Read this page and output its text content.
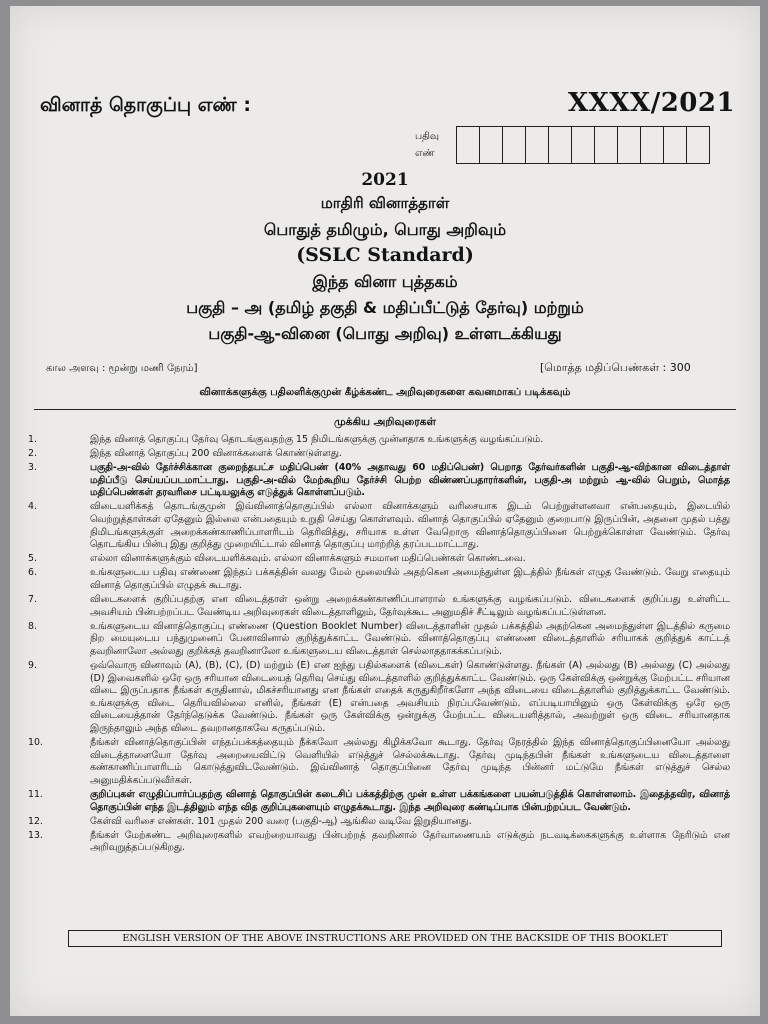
வினாத் தொகுப்பு எண் :	XXXX/2021
பதிவு
எண்
2021
மாதிரி வினாத்தாள்
பொதுத் தமிழும், பொது அறிவும்
(SSLC Standard)
இந்த வினா புத்தகம்
பகுதி – அ (தமிழ் தகுதி & மதிப்பீட்டுத் தேர்வு) மற்றும்
பகுதி-ஆ-வினை (பொது அறிவு) உள்ளடக்கியது
கால அளவு : மூன்று மணி நேரம்]	[மொத்த மதிப்பெண்கள் : 300
வினாக்களுக்கு பதிலளிக்குமுன் கீழ்க்கண்ட அறிவுரைகளை கவனமாகப் படிக்கவும்
முக்கிய அறிவுரைகள்
1.	இந்த வினாத் தொகுப்பு தேர்வு தொடங்குவதற்கு 15 நிமிடங்களுக்கு முன்னதாக உங்களுக்கு வழங்கப்படும்.
2.	இந்த வினாத் தொகுப்பு 200 வினாக்களைக் கொண்டுள்ளது.
3.	பகுதி-அ-வில் தேர்ச்சிக்கான குறைந்தபட்ச மதிப்பெண் (40% அதாவது 60 மதிப்பெண்) பெறாத தேர்வர்களின் பகுதி-ஆ-விற்கான விடைத்தாள் மதிப்பீடு செய்யப்படமாட்டாது. பகுதி-அ-வில் மேற்கூறிய தேர்ச்சி பெற்ற விண்ணப்பதாரர்களின், பகுதி-அ மற்றும் ஆ-வில் பெறும், மொத்த மதிப்பெண்கள் தரவரிசை பட்டியலுக்கு எடுத்துக் கொள்ளப்படும்.
4.	விடையளிக்கத் தொடங்குமுன் இவ்வினாத்தொகுப்பில் எல்லா வினாக்களும் வரிசையாக இடம் பெற்றுள்ளனவா என்பதையும், இடையில் வெற்றுத்தாள்கள் ஏதேனும் இல்லை என்பதையும் உறுதி செய்து கொள்ளவும். வினாத் தொகுப்பில் ஏதேனும் குறைபாடு இருப்பின், அதனை முதல் பத்து நிமிடங்களுக்குள் அறைக்கண்காணிப்பாளரிடம் தெரிவித்து, சரியாக உள்ள வேறொரு வினாத்தொகுப்பினை பெற்றுக்கொள்ள வேண்டும். தேர்வு தொடங்கிய பின்பு இது குறித்து முறையிட்டால் வினாத் தொகுப்பு மாற்றித் தரப்படமாட்டாது.
5.	எல்லா வினாக்களுக்கும் விடையளிக்கவும். எல்லா வினாக்களும் சமமான மதிப்பெண்கள் கொண்டவை.
6.	உங்களுடைய பதிவு எண்ணை இந்தப் பக்கத்தின் வலது மேல் மூலையில் அதற்கென அமைந்துள்ள இடத்தில் நீங்கள் எழுத வேண்டும். வேறு எதையும் வினாத் தொகுப்பில் எழுதக் கூடாது.
7.	விடைகளைக் குறிப்பதற்கு என விடைத்தாள் ஒன்று அறைக்கண்காணிப்பாளரால் உங்களுக்கு வழங்கப்படும். விடைகளைக் குறிப்பது உள்ளிட்ட அவசியம் பின்பற்றப்பட வேண்டிய அறிவுரைகள் விடைத்தாளிலும், தேர்வுக்கூட அனுமதிச் சீட்டிலும் வழங்கப்பட்டுள்ளன.
8.	உங்களுடைய வினாத்தொகுப்பு எண்ணை (Question Booklet Number) விடைத்தாளின் முதல் பக்கத்தில் அதற்கென அமைந்துள்ள இடத்தில் கருமை நிற மையுடைய பந்துமுனைப் பேனாவினால் குறித்துக்காட்ட வேண்டும். வினாத்தொகுப்பு எண்ணை விடைத்தாளில் சரியாகக் குறித்துக் காட்டத் தவறினாலோ அல்லது குறிக்கத் தவறினாலோ உங்களுடைய விடைத்தாள் செல்லாததாகக்கப்படும்.
9.	ஒவ்வொரு வினாவும் (A), (B), (C), (D) மற்றும் (E) என ஐந்து பதில்களைக் (விடைகள்) கொண்டுள்ளது. நீங்கள் (A) அல்லது (B) அல்லது (C) அல்லது (D) இவைகளில் ஒரே ஒரு சரியான விடையைத் தெரிவு செய்து விடைத்தாளில் குறித்துக்காட்ட வேண்டும். ஒரு கேள்விக்கு ஒன்றுக்கு மேற்பட்ட சரியான விடை இருப்பதாக நீங்கள் கருதினால், மிகச்சரியானது என நீங்கள் எதைக் கருதுகிறீர்களோ அந்த விடையை விடைத்தாளில் குறித்துக்காட்ட வேண்டும். உங்களுக்கு விடை தெரியவில்லை எனில், நீங்கள் (E) என்பதை அவசியம் நிரப்பவேண்டும். எப்படியாயினும் ஒரு கேள்விக்கு ஒரே ஒரு விடையைத்தான் தேர்ந்தெடுக்க வேண்டும். நீங்கள் ஒரு கேள்விக்கு ஒன்றுக்கு மேற்பட்ட விடையளித்தால், அவற்றுள் ஒரு விடை சரியானதாக இருந்தாலும் அந்த விடை தவறானதாகவே கருதப்படும்.
10.	நீங்கள் வினாத்தொகுப்பின் எந்தப்பக்கத்தையும் நீக்கவோ அல்லது கிழிக்கவோ கூடாது. தேர்வு நேரத்தில் இந்த வினாத்தொகுப்பினையோ அல்லது விடைத்தாளையோ தேர்வு அறையைவிட்டு வெளியில் எடுத்துச் செல்லக்கூடாது. தேர்வு முடிந்தபின் நீங்கள் உங்களுடைய விடைத்தாளை கண்காணிப்பாளரிடம் கொடுத்துவிடவேண்டும். இவ்வினாத் தொகுப்பினை தேர்வு முடிந்த பின்னர் மட்டுமே நீங்கள் எடுத்துச் செல்ல அனுமதிக்கப்படுவீர்கள்.
11.	குறிப்புகள் எழுதிப்பார்ப்பதற்கு வினாத் தொகுப்பின் கடைசிப் பக்கத்திற்கு முன் உள்ள பக்கங்களை பயன்படுத்திக் கொள்ளலாம். இதைத்தவிர, வினாத் தொகுப்பின் எந்த இடத்திலும் எந்த வித குறிப்புகளையும் எழுதக்கூடாது. இந்த அறிவுரை கண்டிப்பாக பின்பற்றப்பட வேண்டும்.
12.	கேள்வி வரிசை எண்கள். 101 முதல் 200 வரை (பகுதி-ஆ) ஆங்கில வடிவே இறுதியானது.
13.	நீங்கள் மேற்கண்ட அறிவுரைகளில் எவற்றையாவது பின்பற்றத் தவறினால் தேர்வாணையம் எடுக்கும் நடவடிக்கைகளுக்கு உள்ளாக நேரிடும் என அறிவுறுத்தப்படுகிறது.
ENGLISH VERSION OF THE ABOVE INSTRUCTIONS ARE PROVIDED ON THE BACKSIDE OF THIS BOOKLET
